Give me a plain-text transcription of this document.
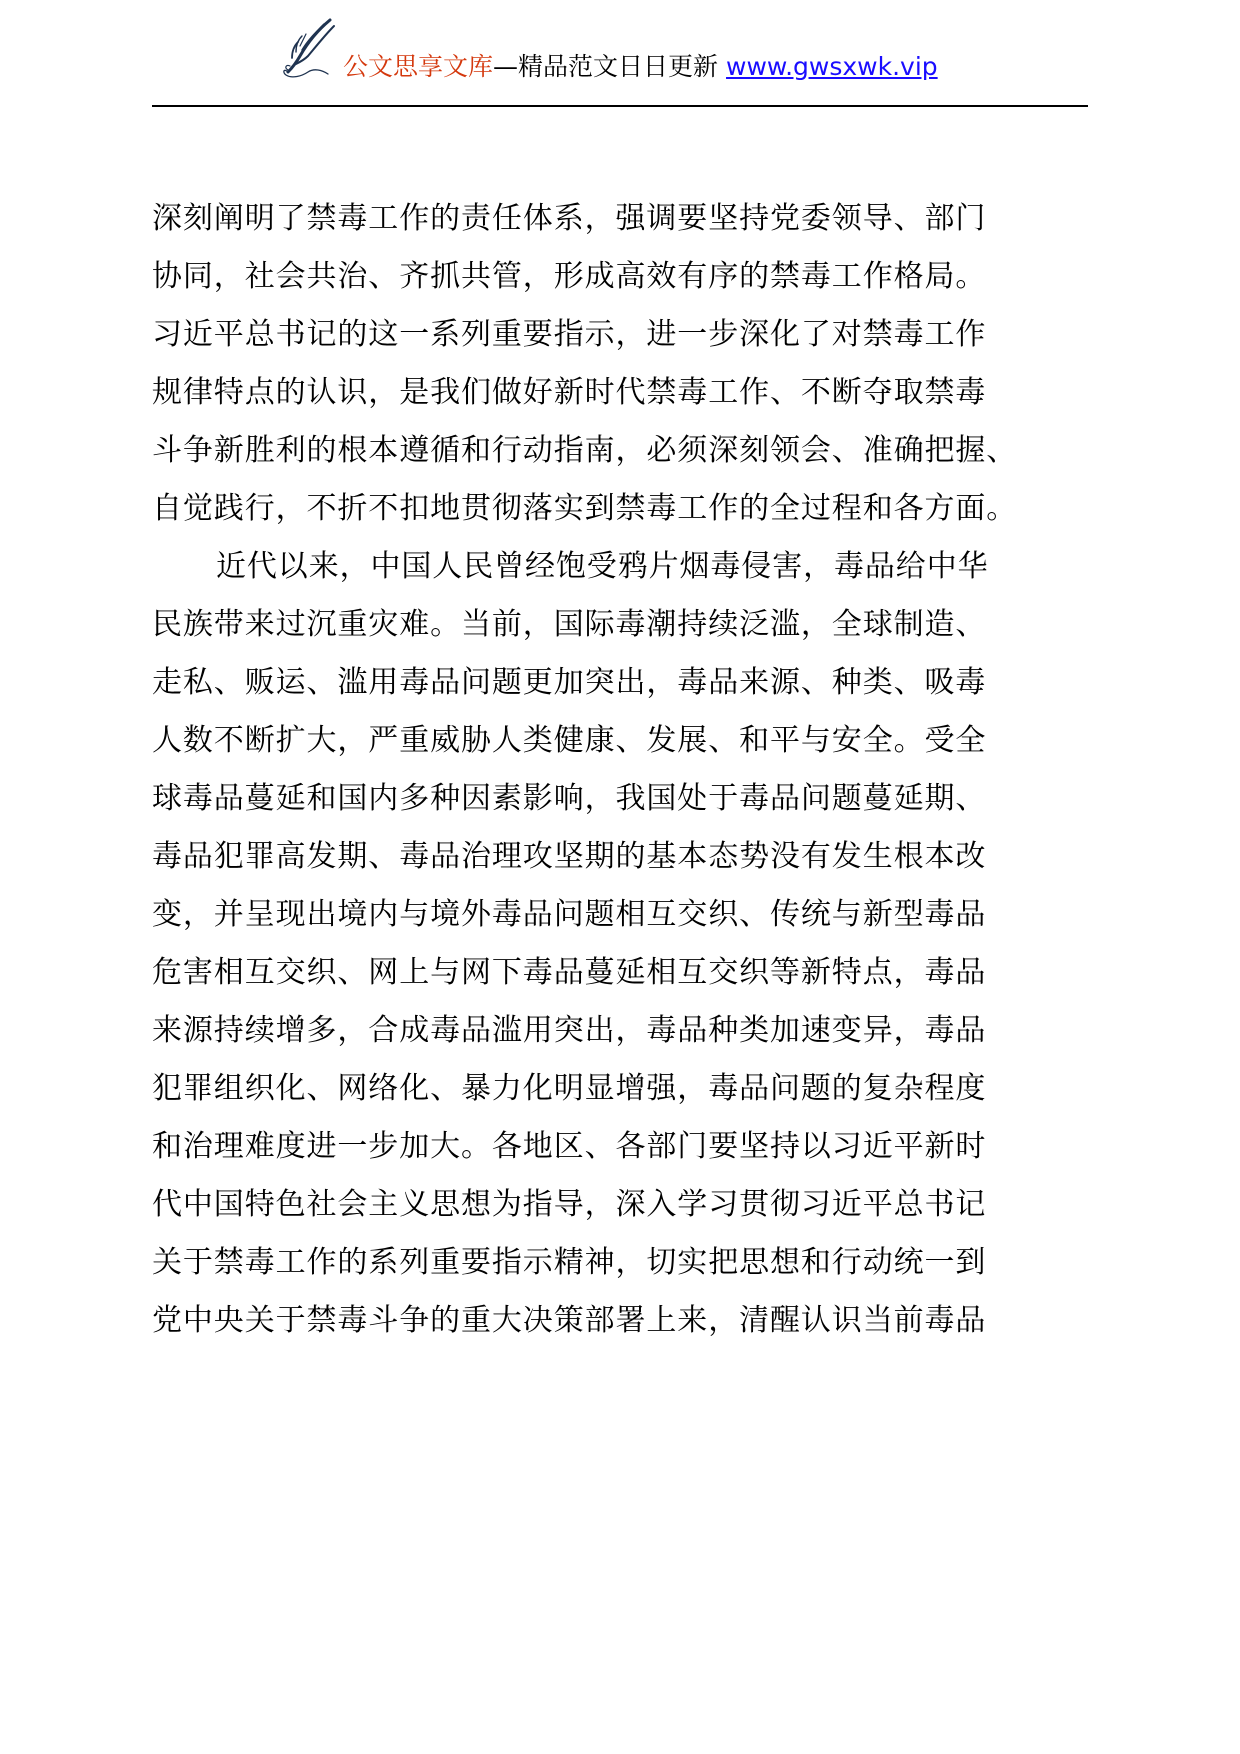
公文思享文库—精品范文日日更新 www.gwsxwk.vip
深刻阐明了禁毒工作的责任体系，强调要坚持党委领导、部门
协同，社会共治、齐抓共管，形成高效有序的禁毒工作格局。
习近平总书记的这一系列重要指示，进一步深化了对禁毒工作
规律特点的认识，是我们做好新时代禁毒工作、不断夺取禁毒
斗争新胜利的根本遵循和行动指南，必须深刻领会、准确把握、
自觉践行，不折不扣地贯彻落实到禁毒工作的全过程和各方面。
近代以来，中国人民曾经饱受鸦片烟毒侵害，毒品给中华
民族带来过沉重灾难。当前，国际毒潮持续泛滥，全球制造、
走私、贩运、滥用毒品问题更加突出，毒品来源、种类、吸毒
人数不断扩大，严重威胁人类健康、发展、和平与安全。受全
球毒品蔓延和国内多种因素影响，我国处于毒品问题蔓延期、
毒品犯罪高发期、毒品治理攻坚期的基本态势没有发生根本改
变，并呈现出境内与境外毒品问题相互交织、传统与新型毒品
危害相互交织、网上与网下毒品蔓延相互交织等新特点，毒品
来源持续增多，合成毒品滥用突出，毒品种类加速变异，毒品
犯罪组织化、网络化、暴力化明显增强，毒品问题的复杂程度
和治理难度进一步加大。各地区、各部门要坚持以习近平新时
代中国特色社会主义思想为指导，深入学习贯彻习近平总书记
关于禁毒工作的系列重要指示精神，切实把思想和行动统一到
党中央关于禁毒斗争的重大决策部署上来，清醒认识当前毒品
